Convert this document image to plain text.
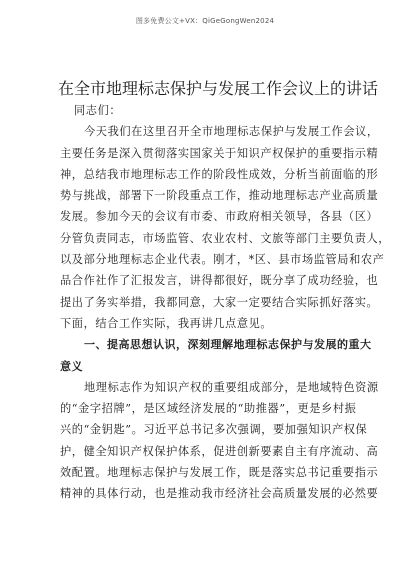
图多免费公文+VX：QiGeGongWen2024
在全市地理标志保护与发展工作会议上的讲话
同志们：
今天我们在这里召开全市地理标志保护与发展工作会议，
主要任务是深入贯彻落实国家关于知识产权保护的重要指示精
神，总结我市地理标志工作的阶段性成效，分析当前面临的形
势与挑战，部署下一阶段重点工作，推动地理标志产业高质量
发展。参加今天的会议有市委、市政府相关领导，各县（区）
分管负责同志，市场监管、农业农村、文旅等部门主要负责人，
以及部分地理标志企业代表。刚才，*区、县市场监管局和农产
品合作社作了汇报发言，讲得都很好，既分享了成功经验，也
提出了务实举措，我都同意，大家一定要结合实际抓好落实。
下面，结合工作实际，我再讲几点意见。
一、提高思想认识，深刻理解地理标志保护与发展的重大
意义
地理标志作为知识产权的重要组成部分，是地域特色资源
的“金字招牌”，是区域经济发展的“助推器”，更是乡村振
兴的“金钥匙”。习近平总书记多次强调，要加强知识产权保
护，健全知识产权保护体系，促进创新要素自主有序流动、高
效配置。地理标志保护与发展工作，既是落实总书记重要指示
精神的具体行动，也是推动我市经济社会高质量发展的必然要
